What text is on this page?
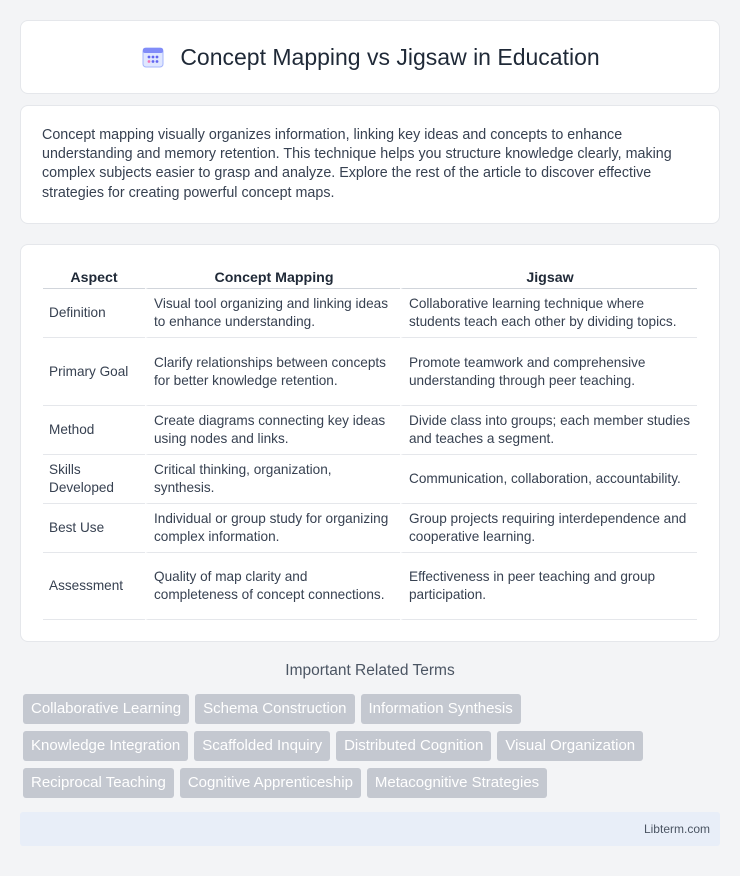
Concept Mapping vs Jigsaw in Education

Concept mapping visually organizes information, linking key ideas and concepts to enhance understanding and memory retention. This technique helps you structure knowledge clearly, making complex subjects easier to grasp and analyze. Explore the rest of the article to discover effective strategies for creating powerful concept maps.

Aspect	Concept Mapping	Jigsaw
Definition	Visual tool organizing and linking ideas to enhance understanding.	Collaborative learning technique where students teach each other by dividing topics.
Primary Goal	Clarify relationships between concepts for better knowledge retention.	Promote teamwork and comprehensive understanding through peer teaching.
Method	Create diagrams connecting key ideas using nodes and links.	Divide class into groups; each member studies and teaches a segment.
Skills Developed	Critical thinking, organization, synthesis.	Communication, collaboration, accountability.
Best Use	Individual or group study for organizing complex information.	Group projects requiring interdependence and cooperative learning.
Assessment	Quality of map clarity and completeness of concept connections.	Effectiveness in peer teaching and group participation.
Important Related Terms
Collaborative Learning	Schema Construction	Information Synthesis
Knowledge Integration	Scaffolded Inquiry	Distributed Cognition	Visual Organization
Reciprocal Teaching	Cognitive Apprenticeship	Metacognitive Strategies
Libterm.com
